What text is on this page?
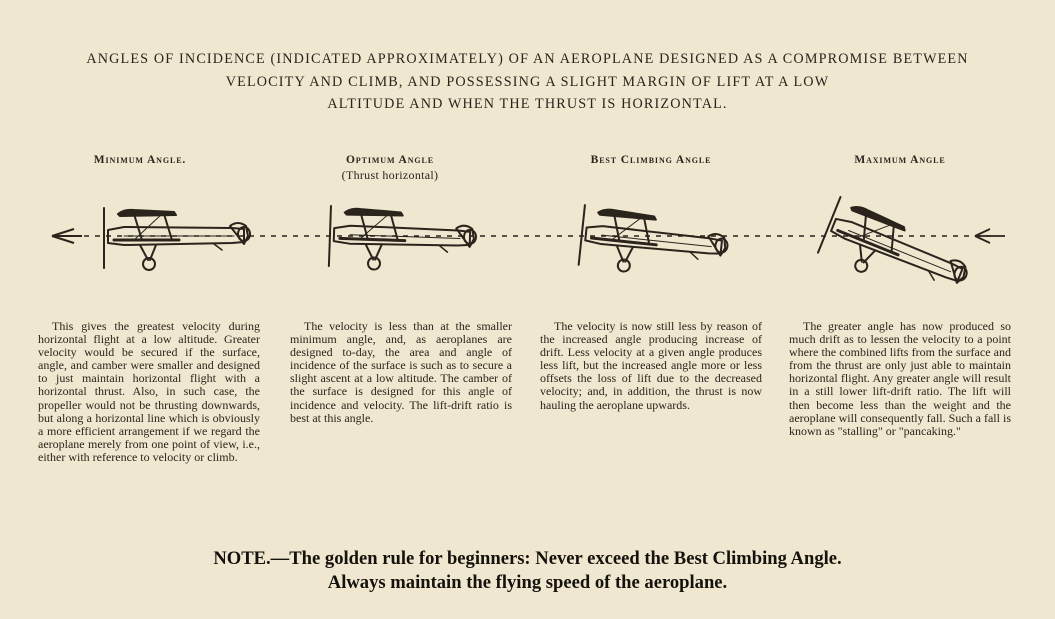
ANGLES OF INCIDENCE (INDICATED APPROXIMATELY) OF AN AEROPLANE DESIGNED AS A COMPROMISE BETWEEN
VELOCITY AND CLIMB, AND POSSESSING A SLIGHT MARGIN OF LIFT AT A LOW
ALTITUDE AND WHEN THE THRUST IS HORIZONTAL.
Minimum Angle.	Optimum Angle
(Thrust horizontal)
Best Climbing Angle	Maximum Angle
This gives the greatest velocity during horizontal flight at a low altitude. Greater velocity would be secured if the surface, angle, and camber were smaller and designed to just maintain horizontal flight with a horizontal thrust. Also, in such case, the propeller would not be thrusting downwards, but along a horizontal line which is obviously a more efficient arrangement if we regard the aeroplane merely from one point of view, i.e., either with reference to velocity or climb.
The velocity is less than at the smaller minimum angle, and, as aeroplanes are designed to-day, the area and angle of incidence of the surface is such as to secure a slight ascent at a low altitude. The camber of the surface is designed for this angle of incidence and velocity. The lift-drift ratio is best at this angle.
The velocity is now still less by reason of the increased angle producing increase of drift. Less velocity at a given angle produces less lift, but the increased angle more or less offsets the loss of lift due to the decreased velocity; and, in addition, the thrust is now hauling the aeroplane upwards.
The greater angle has now produced so much drift as to lessen the velocity to a point where the combined lifts from the surface and from the thrust are only just able to maintain horizontal flight. Any greater angle will result in a still lower lift-drift ratio. The lift will then become less than the weight and the aeroplane will consequently fall. Such a fall is known as "stalling" or "pancaking."
NOTE.—The golden rule for beginners: Never exceed the Best Climbing Angle.
Always maintain the flying speed of the aeroplane.
